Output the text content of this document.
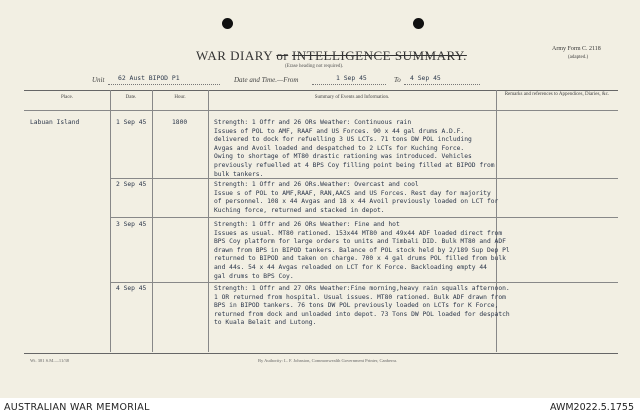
WAR DIARY or INTELLIGENCE SUMMARY.
(Erase heading not required).
Army Form C. 2118
(adapted.)
Unit 62 Aust BIPOD P1	Date and Time.—From	1 Sep 45	To 4 Sep 45
Place.	Date.	Hour.	Summary of Events and Information.
Remarks and references to Appendices, Diaries, &c.
Labuan Island	1 Sep 45	1800	Strength: 1 Offr and 26 ORs Weather: Continuous rain
Issues of POL to AMF, RAAF and US Forces. 90 x 44 gal drums A.D.F.
delivered to dock for refuelling 3 US LCTs. 71 tons DW POL including
Avgas and Avoil loaded and despatched to 2 LCTs for Kuching Force.
Owing to shortage of MT80 drastic rationing was introduced. Vehicles
previously refuelled at 4 BPS Coy filling point being filled at BIPOD from
bulk tankers.
2 Sep 45	Strength: 1 Offr and 26 ORs.Weather: Overcast and cool
Issue s of POL to AMF,RAAF, RAN,AACS and US Forces. Rest day for majority
of personnel. 108 x 44 Avgas and 18 x 44 Avoil previously loaded on LCT for
Kuching force, returned and stacked in depot.
3 Sep 45	Strength: 1 Offr and 26 ORs Weather: Fine and hot
Issues as usual. MT80 rationed. 153x44 MT80 and 49x44 ADF loaded direct from
BPS Coy platform for large orders to units and Timbali DID. Bulk MT80 and ADF
drawn from BPS in BIPOD tankers. Balance of POL stock held by 2/189 Sup Dep Pl
returned to BIPOD and taken on charge. 700 x 4 gal drums POL filled from bulk
and 44s. 54 x 44 Avgas reloaded on LCT for K Force. Backloading empty 44
gal drums to BPS Coy.
4 Sep 45	Strength: 1 Offr and 27 ORs Weather:Fine morning,heavy rain squalls afternoon.
1 OR returned from hospital. Usual issues. MT80 rationed. Bulk ADF drawn from
BPS in BIPOD tankers. 76 tons DW POL previously loaded on LCTs for K Force,
returned from dock and unloaded into depot. 73 Tons DW POL loaded for despatch
to Kuala Belait and Lutong.
Wt. 381 S.M.—11/38	By Authority: L. F. Johnston, Commonwealth Government Printer, Canberra.
AUSTRALIAN WAR MEMORIAL	AWM2022.5.1755
